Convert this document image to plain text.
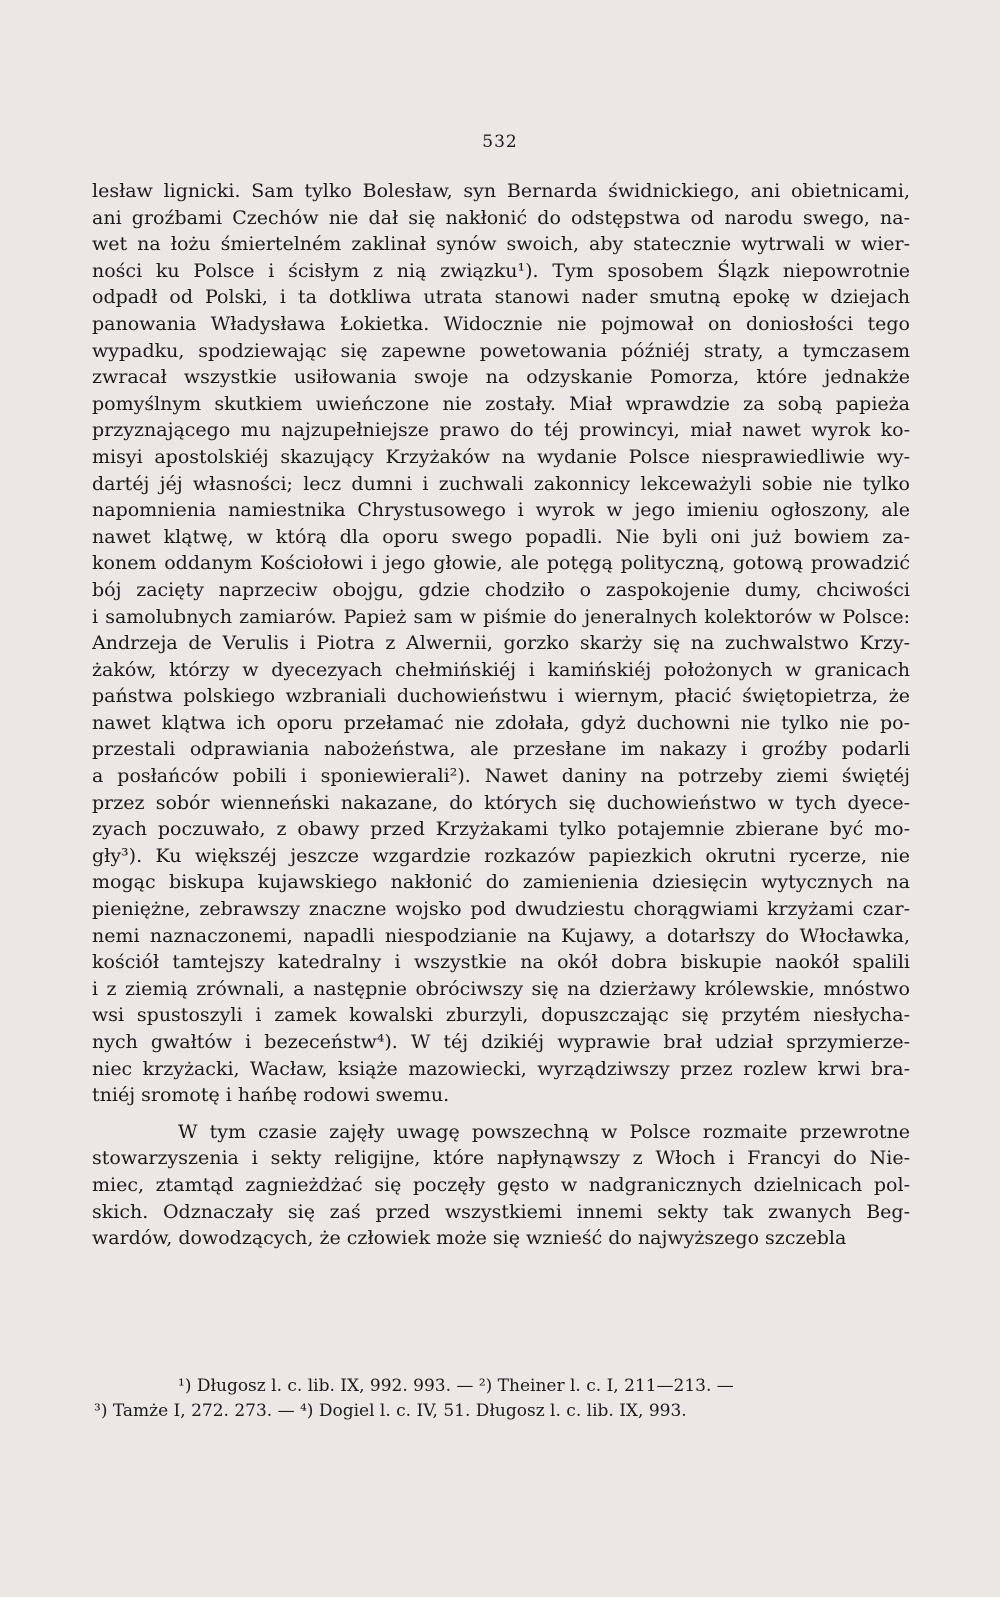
532
lesław lignicki. Sam tylko Bolesław, syn Bernarda świdnickiego, ani obietnicami,
ani groźbami Czechów nie dał się nakłonić do odstępstwa od narodu swego, na-
wet na łożu śmiertelném zaklinał synów swoich, aby statecznie wytrwali w wier-
ności ku Polsce i ścisłym z nią związku¹). Tym sposobem Ślązk niepowrotnie
odpadł od Polski, i ta dotkliwa utrata stanowi nader smutną epokę w dziejach
panowania Władysława Łokietka. Widocznie nie pojmował on doniosłości tego
wypadku, spodziewając się zapewne powetowania późniéj straty, a tymczasem
zwracał wszystkie usiłowania swoje na odzyskanie Pomorza, które jednakże
pomyślnym skutkiem uwieńczone nie zostały. Miał wprawdzie za sobą papieża
przyznającego mu najzupełniejsze prawo do téj prowincyi, miał nawet wyrok ko-
misyi apostolskiéj skazujący Krzyżaków na wydanie Polsce niesprawiedliwie wy-
dartéj jéj własności; lecz dumni i zuchwali zakonnicy lekceważyli sobie nie tylko
napomnienia namiestnika Chrystusowego i wyrok w jego imieniu ogłoszony, ale
nawet klątwę, w którą dla oporu swego popadli. Nie byli oni już bowiem za-
konem oddanym Kościołowi i jego głowie, ale potęgą polityczną, gotową prowadzić
bój zacięty naprzeciw obojgu, gdzie chodziło o zaspokojenie dumy, chciwości
i samolubnych zamiarów. Papież sam w piśmie do jeneralnych kolektorów w Polsce:
Andrzeja de Verulis i Piotra z Alwernii, gorzko skarży się na zuchwalstwo Krzy-
żaków, którzy w dyecezyach chełmińskiéj i kamińskiéj położonych w granicach
państwa polskiego wzbraniali duchowieństwu i wiernym, płacić świętopietrza, że
nawet klątwa ich oporu przełamać nie zdołała, gdyż duchowni nie tylko nie po-
przestali odprawiania nabożeństwa, ale przesłane im nakazy i groźby podarli
a posłańców pobili i sponiewierali²). Nawet daniny na potrzeby ziemi świętéj
przez sobór wienneński nakazane, do których się duchowieństwo w tych dyece-
zyach poczuwało, z obawy przed Krzyżakami tylko potajemnie zbierane być mo-
gły³). Ku większéj jeszcze wzgardzie rozkazów papiezkich okrutni rycerze, nie
mogąc biskupa kujawskiego nakłonić do zamienienia dziesięcin wytycznych na
pieniężne, zebrawszy znaczne wojsko pod dwudziestu chorągwiami krzyżami czar-
nemi naznaczonemi, napadli niespodzianie na Kujawy, a dotarłszy do Włocławka,
kościół tamtejszy katedralny i wszystkie na okół dobra biskupie naokół spalili
i z ziemią zrównali, a następnie obróciwszy się na dzierżawy królewskie, mnóstwo
wsi spustoszyli i zamek kowalski zburzyli, dopuszczając się przytém niesłycha-
nych gwałtów i bezeceństw⁴). W téj dzikiéj wyprawie brał udział sprzymierze-
niec krzyżacki, Wacław, książe mazowiecki, wyrządziwszy przez rozlew krwi bra-
tniéj sromotę i hańbę rodowi swemu.
W tym czasie zajęły uwagę powszechną w Polsce rozmaite przewrotne
stowarzyszenia i sekty religijne, które napłynąwszy z Włoch i Francyi do Nie-
miec, ztamtąd zagnieżdżać się poczęły gęsto w nadgranicznych dzielnicach pol-
skich. Odznaczały się zaś przed wszystkiemi innemi sekty tak zwanych Beg-
wardów, dowodzących, że człowiek może się wznieść do najwyższego szczebla
¹) Długosz l. c. lib. IX, 992. 993. — ²) Theiner l. c. I, 211—213. —
³) Tamże I, 272. 273. — ⁴) Dogiel l. c. IV, 51. Długosz l. c. lib. IX, 993.
